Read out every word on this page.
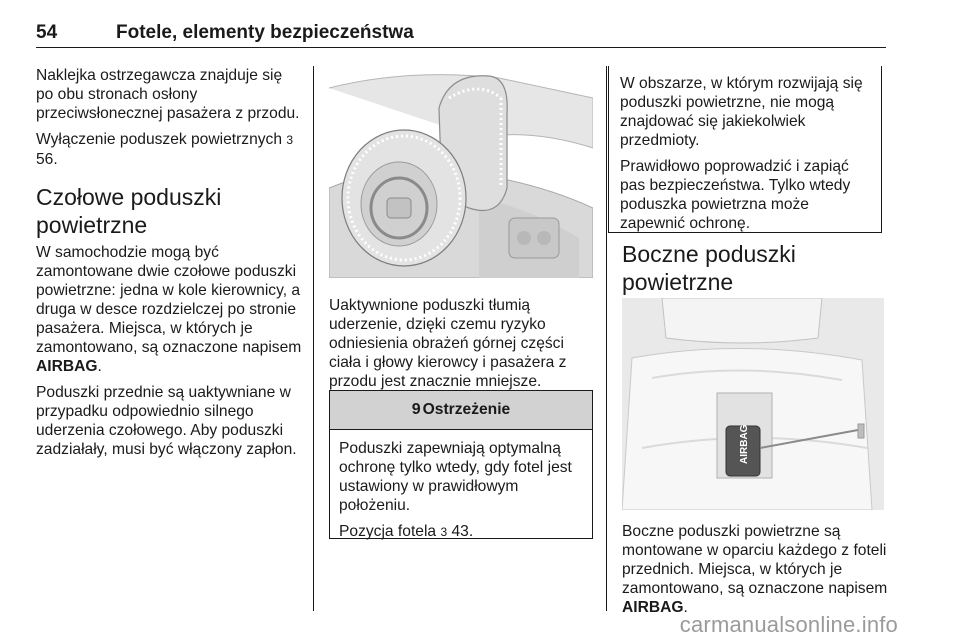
54	Fotele, elementy bezpieczeństwa

Naklejka ostrzegawcza znajduje się po obu stronach osłony przeciwsłonecznej pasażera z przodu.

Wyłączenie poduszek powietrznych 3 56.

Czołowe poduszki powietrzne

W samochodzie mogą być zamontowane dwie czołowe poduszki powietrzne: jedna w kole kierownicy, a druga w desce rozdzielczej po stronie pasażera. Miejsca, w których je zamontowano, są oznaczone napisem AIRBAG.

Poduszki przednie są uaktywniane w przypadku odpowiednio silnego uderzenia czołowego. Aby poduszki zadziałały, musi być włączony zapłon.

Uaktywnione poduszki tłumią uderzenie, dzięki czemu ryzyko odniesienia obrażeń górnej części ciała i głowy kierowcy i pasażera z przodu jest znacznie mniejsze.

9 Ostrzeżenie

Poduszki zapewniają optymalną ochronę tylko wtedy, gdy fotel jest ustawiony w prawidłowym położeniu.

Pozycja fotela 3 43.

W obszarze, w którym rozwijają się poduszki powietrzne, nie mogą znajdować się jakiekolwiek przedmioty.

Prawidłowo poprowadzić i zapiąć pas bezpieczeństwa. Tylko wtedy poduszka powietrzna może zapewnić ochronę.

Boczne poduszki powietrzne
AIRBAG

Boczne poduszki powietrzne są montowane w oparciu każdego z foteli przednich. Miejsca, w których je zamontowano, są oznaczone napisem AIRBAG.

carmanualsonline.info
